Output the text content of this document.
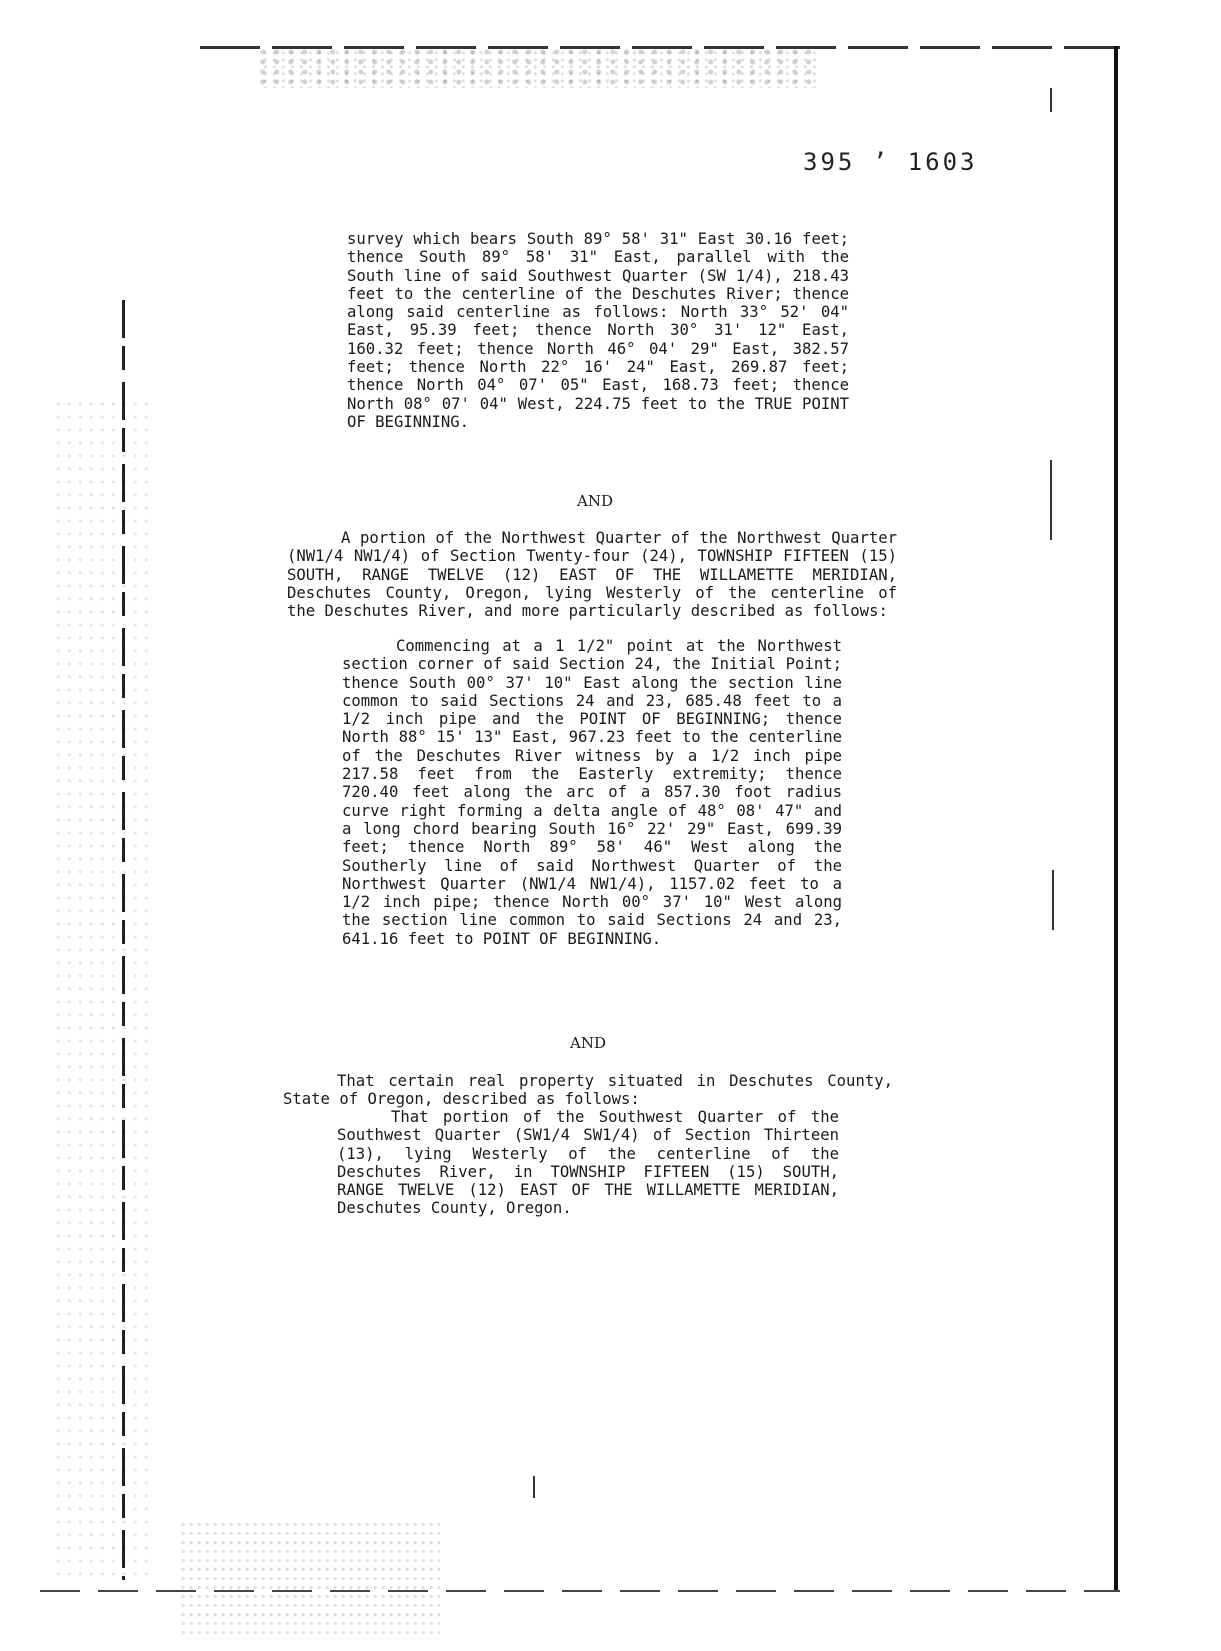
395 ’ 1603

survey which bears South 89° 58' 31" East 30.16 feet; thence South 89° 58' 31" East, parallel with the South line of said Southwest Quarter (SW 1/4), 218.43 feet to the centerline of the Deschutes River; thence along said centerline as follows: North 33° 52' 04" East, 95.39 feet; thence North 30° 31' 12" East, 160.32 feet; thence North 46° 04' 29" East, 382.57 feet; thence North 22° 16' 24" East, 269.87 feet; thence North 04° 07' 05" East, 168.73 feet; thence North 08° 07' 04" West, 224.75 feet to the TRUE POINT OF BEGINNING.

AND

A portion of the Northwest Quarter of the Northwest Quarter (NW1/4 NW1/4) of Section Twenty-four (24), TOWNSHIP FIFTEEN (15) SOUTH, RANGE TWELVE (12) EAST OF THE WILLAMETTE MERIDIAN, Deschutes County, Oregon, lying Westerly of the centerline of the Deschutes River, and more particularly described as follows:

Commencing at a 1 1/2" point at the Northwest section corner of said Section 24, the Initial Point; thence South 00° 37' 10" East along the section line common to said Sections 24 and 23, 685.48 feet to a 1/2 inch pipe and the POINT OF BEGINNING; thence North 88° 15' 13" East, 967.23 feet to the centerline of the Deschutes River witness by a 1/2 inch pipe 217.58 feet from the Easterly extremity; thence 720.40 feet along the arc of a 857.30 foot radius curve right forming a delta angle of 48° 08' 47" and a long chord bearing South 16° 22' 29" East, 699.39 feet; thence North 89° 58' 46" West along the Southerly line of said Northwest Quarter of the Northwest Quarter (NW1/4 NW1/4), 1157.02 feet to a 1/2 inch pipe; thence North 00° 37' 10" West along the section line common to said Sections 24 and 23, 641.16 feet to POINT OF BEGINNING.

AND

That certain real property situated in Deschutes County, State of Oregon, described as follows:

That portion of the Southwest Quarter of the Southwest Quarter (SW1/4 SW1/4) of Section Thirteen (13), lying Westerly of the centerline of the Deschutes River, in TOWNSHIP FIFTEEN (15) SOUTH, RANGE TWELVE (12) EAST OF THE WILLAMETTE MERIDIAN, Deschutes County, Oregon.
